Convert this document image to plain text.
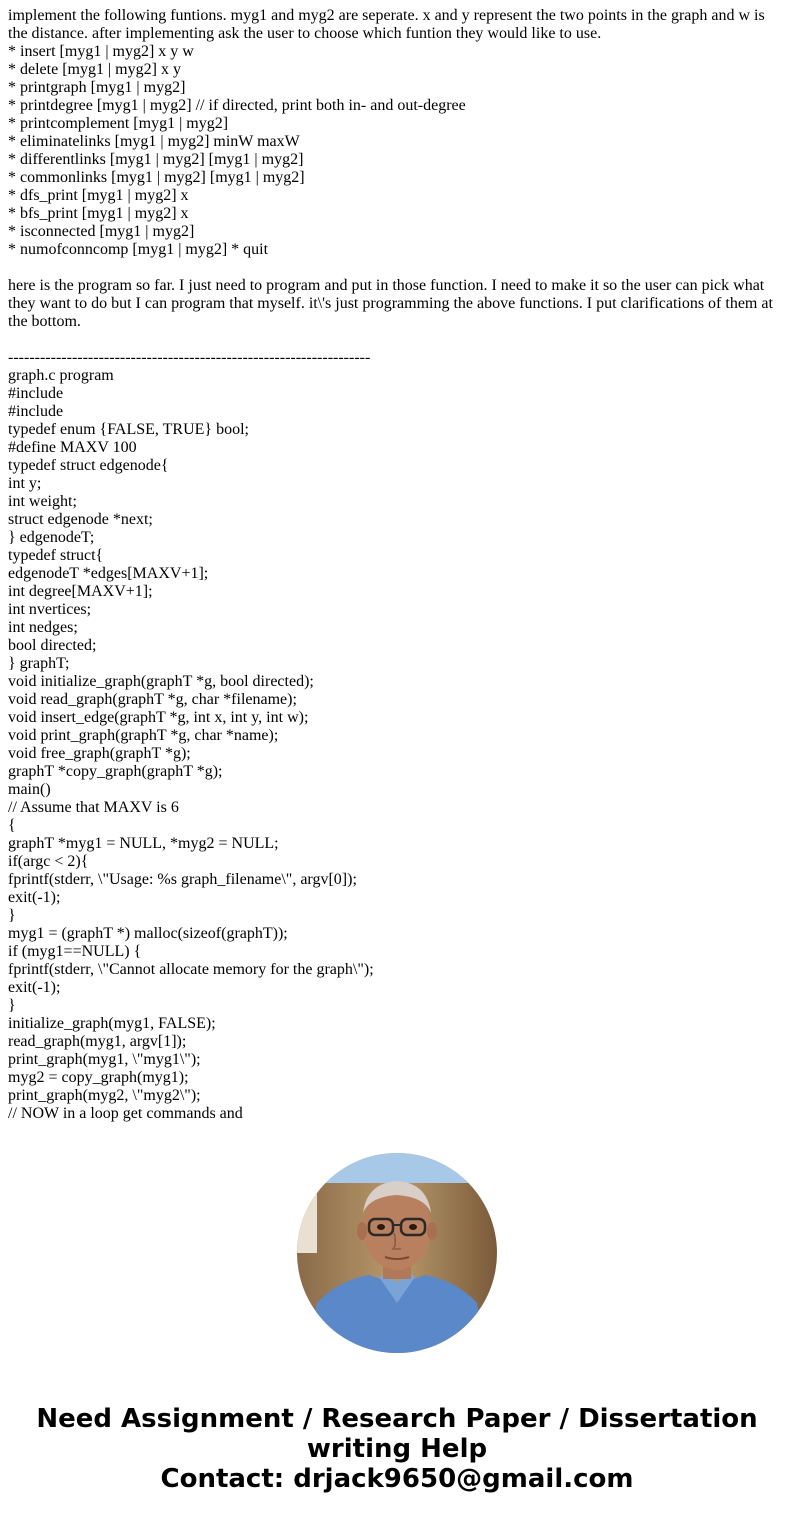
implement the following funtions. myg1 and myg2 are seperate. x and y represent the two points in the graph and w is the distance. after implementing ask the user to choose which funtion they would like to use.

* insert [myg1 | myg2] x y w
* delete [myg1 | myg2] x y
* printgraph [myg1 | myg2]
* printdegree [myg1 | myg2] // if directed, print both in- and out-degree
* printcomplement [myg1 | myg2]
* eliminatelinks [myg1 | myg2] minW maxW
* differentlinks [myg1 | myg2] [myg1 | myg2]
* commonlinks [myg1 | myg2] [myg1 | myg2]
* dfs_print [myg1 | myg2] x
* bfs_print [myg1 | myg2] x
* isconnected [myg1 | myg2]
* numofconncomp [myg1 | myg2] * quit

here is the program so far. I just need to program and put in those function. I need to make it so the user can pick what they want to do but I can program that myself. it\'s just programming the above functions. I put clarifications of them at the bottom.

--------------------------------------------------------------------
graph.c program
#include
#include
typedef enum {FALSE, TRUE} bool;
#define MAXV 100
typedef struct edgenode{
int y;
int weight;
struct edgenode *next;
} edgenodeT;
typedef struct{
edgenodeT *edges[MAXV+1];
int degree[MAXV+1];
int nvertices;
int nedges;
bool directed;
} graphT;
void initialize_graph(graphT *g, bool directed);
void read_graph(graphT *g, char *filename);
void insert_edge(graphT *g, int x, int y, int w);
void print_graph(graphT *g, char *name);
void free_graph(graphT *g);
graphT *copy_graph(graphT *g);
main()
// Assume that MAXV is 6
{
graphT *myg1 = NULL, *myg2 = NULL;
if(argc < 2){
fprintf(stderr, \"Usage: %s graph_filename\", argv[0]);
exit(-1);
}
myg1 = (graphT *) malloc(sizeof(graphT));
if (myg1==NULL) {
fprintf(stderr, \"Cannot allocate memory for the graph\");
exit(-1);
}
initialize_graph(myg1, FALSE);
read_graph(myg1, argv[1]);
print_graph(myg1, \"myg1\");
myg2 = copy_graph(myg1);
print_graph(myg2, \"myg2\");
// NOW in a loop get commands and

Need Assignment / Research Paper / Dissertation writing Help

Contact: drjack9650@gmail.com
